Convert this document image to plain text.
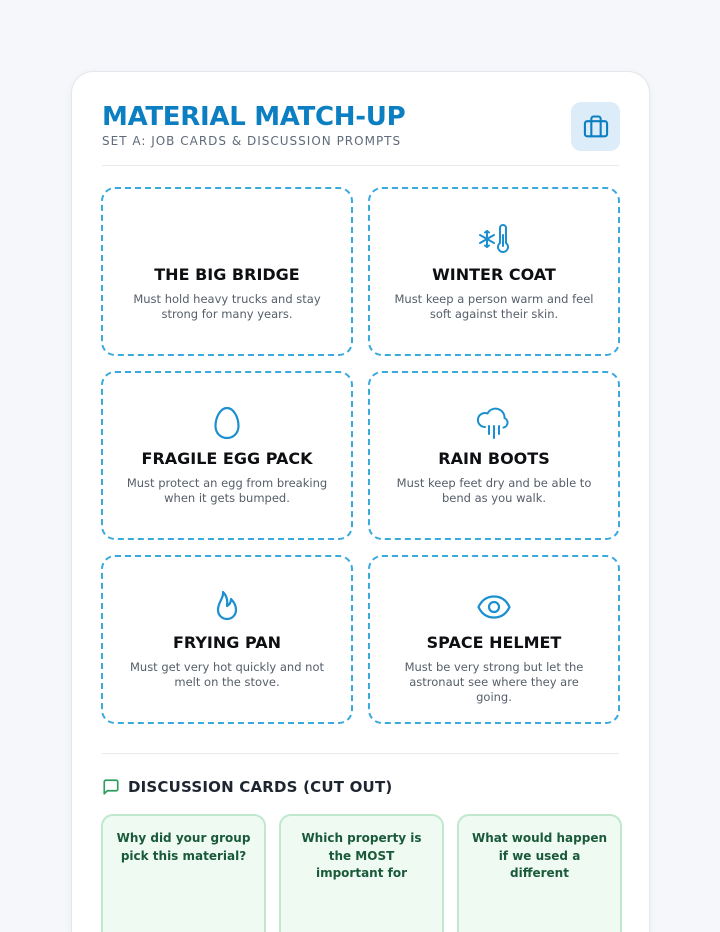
MATERIAL MATCH-UP
SET A: JOB CARDS & DISCUSSION PROMPTS
THE BIG BRIDGE
Must hold heavy trucks and stay strong for many years.
WINTER COAT
Must keep a person warm and feel soft against their skin.
FRAGILE EGG PACK
Must protect an egg from breaking when it gets bumped.
RAIN BOOTS
Must keep feet dry and be able to bend as you walk.
FRYING PAN
Must get very hot quickly and not melt on the stove.
SPACE HELMET
Must be very strong but let the astronaut see where they are going.
DISCUSSION CARDS (CUT OUT)
Why did your group pick this material?
Which property is the MOST important for
What would happen if we used a different
